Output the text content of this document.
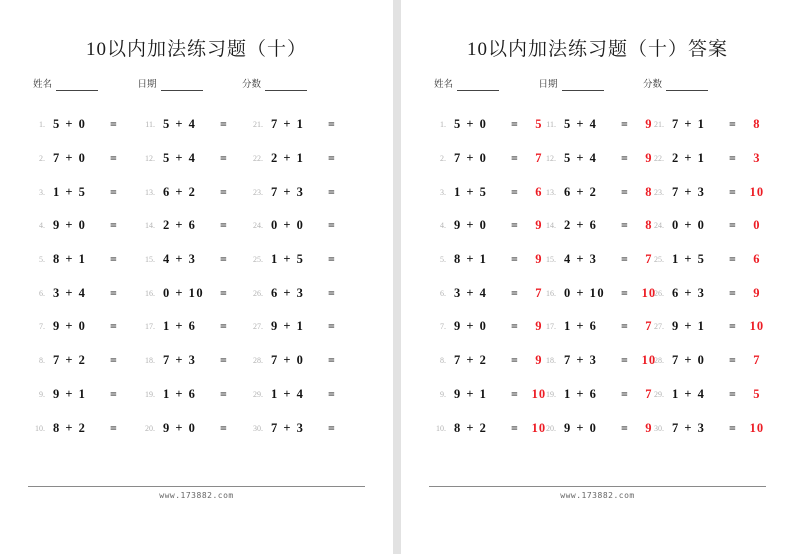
10以内加法练习题（十）
姓名	日期	分数
1. 5 + 0	=
2. 7 + 0	=
3. 1 + 5	=
4. 9 + 0	=
5. 8 + 1	=
6. 3 + 4	=
7. 9 + 0	=
8. 7 + 2	=
9. 9 + 1	=
10. 8 + 2	=
11. 5 + 4	=
12. 5 + 4	=
13. 6 + 2	=
14. 2 + 6	=
15. 4 + 3	=
16. 0 + 10	=
17. 1 + 6	=
18. 7 + 3	=
19. 1 + 6	=
20. 9 + 0	=
21. 7 + 1	=
22. 2 + 1	=
23. 7 + 3	=
24. 0 + 0	=
25. 1 + 5	=
26. 6 + 3	=
27. 9 + 1	=
28. 7 + 0	=
29. 1 + 4	=
30. 7 + 3	=
www.173882.com
10以内加法练习题（十）答案
姓名	日期	分数
1. 5 + 0	=	5
2. 7 + 0	=	7
3. 1 + 5	=	6
4. 9 + 0	=	9
5. 8 + 1	=	9
6. 3 + 4	=	7
7. 9 + 0	=	9
8. 7 + 2	=	9
9. 9 + 1	= 10
10. 8 + 2	= 10
11. 5 + 4	=	9
12. 5 + 4	=	9
13. 6 + 2	=	8
14. 2 + 6	=	8
15. 4 + 3	=	7
16. 0 + 10	= 10
17. 1 + 6	=	7
18. 7 + 3	= 10
19. 1 + 6	=	7
20. 9 + 0	=	9
21. 7 + 1	=	8
22. 2 + 1	=	3
23. 7 + 3	= 10
24. 0 + 0	=	0
25. 1 + 5	=	6
26. 6 + 3	=	9
27. 9 + 1	= 10
28. 7 + 0	=	7
29. 1 + 4	=	5
30. 7 + 3	= 10
www.173882.com
